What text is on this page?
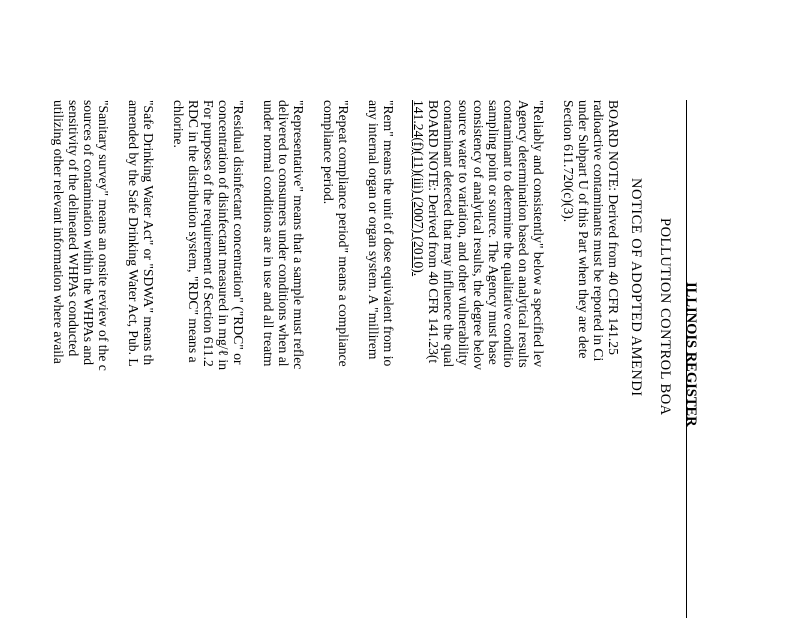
ILLINOIS REGISTER
POLLUTION CONTROL BOA
NOTICE OF ADOPTED AMENDI
BOARD NOTE: Derived from 40 CFR 141.25
radioactive contaminants must be reported in Ci
under Subpart U of this Part when they are dete
Section 611.720(c)(3).
"Reliably and consistently" below a specified lev
Agency determination based on analytical results
contaminant to determine the qualitative conditio
sampling point or source. The Agency must base
consistency of analytical results, the degree belov
source water to variation, and other vulnerability
contaminant detected that may influence the qual
BOARD NOTE: Derived from 40 CFR 141.23(t
141.24(f)(11)(iii) (2007) (2010).
"Rem" means the unit of dose equivalent from io
any internal organ or organ system. A "millirem
"Repeat compliance period" means a compliance
compliance period.
"Representative" means that a sample must reflec
delivered to consumers under conditions when al
under normal conditions are in use and all treatm
"Residual disinfectant concentration" ("RDC" or
concentration of disinfectant measured in mg/ℓ in
For purposes of the requirement of Section 611.2
RDC in the distribution system, "RDC" means a
chlorine.
"Safe Drinking Water Act" or "SDWA" means th
amended by the Safe Drinking Water Act, Pub. L
"Sanitary survey" means an onsite review of the c
sources of contamination within the WHPAs and
sensitivity of the delineated WHPAs conducted
utilizing other relevant information where availa
